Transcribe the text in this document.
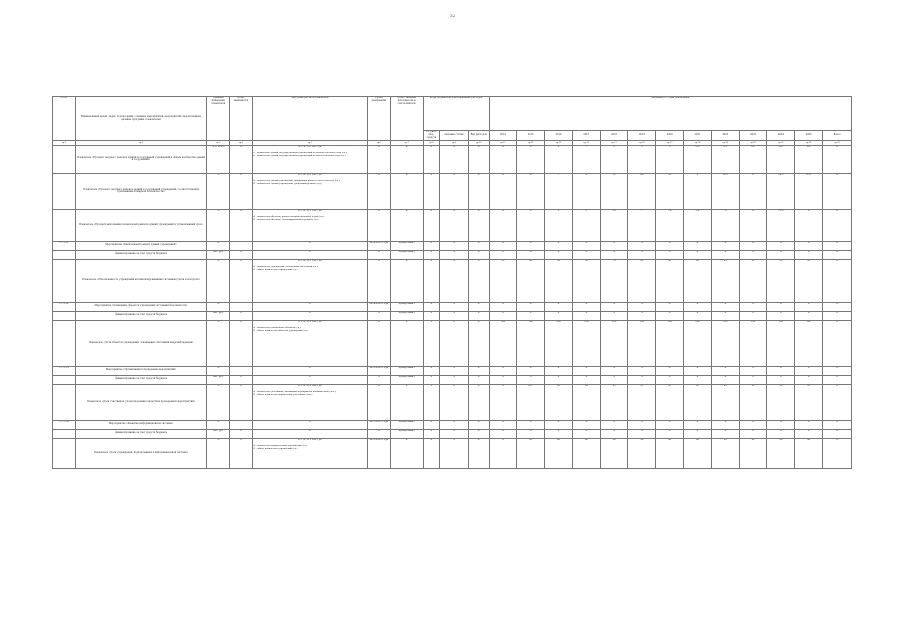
32
№ п/п	Наименования целей, задач, подпрограмм, основных мероприятий, мероприятий, ведомственных целевых программ, показателей	Единица измерения показателя	Коэф. значимости	Методика расчета показателя	Сроки реализации	Ответственный исполнитель и соисполнитель	Коды бюджетной классификации расходов			Значение по годам реализации												
							Гл. расп. бюд. средств	Целевая статья	Вид расходов	2014	2015	2016	2017	2018	2019	2020	2021	2022	2023	2024	2025	Всего
гр.1	гр.2	гр.3	гр.4	гр.5	гр.6	гр.7	гр.8	гр.9	гр.10	гр.11	гр.12	гр.13	гр.14	гр.15	гр.16	гр.17	гр.18	гр.19	гр.20	гр.21	гр.22	гр.23
	Показатель «Процент текущего ремонта зданий и сооружений учреждений в общем количестве зданий и сооружений»	% от всего	X	K = a / b x 100, где
a – количество зданий государственных учреждений на начало отчетного года (ед.);
b – количество зданий государственных учреждений на конец отчетного года (ед.)	X	X	X	X	X	X	X	6	7	2	5	5	6,6	6,1	6,2	6,6	6,6	X
	Показатель «Процент текущего ремонта зданий и сооружений учреждений, соответствующих требованиям пожарной безопасности»	%	X	K = A / B x 100, где
A – количество зданий учреждений, прошедших ремонт в отчетном году (ед.);
B – количество зданий учреждений, требующих ремонта (ед.)	X	X	X	X	X	X	X	7	9	18	46	18	6	12,5	X	14,3	18,5	X
	Показатель «Процент выполнения показателей ремонта зданий учреждений в установленный срок»	%	X	K = A / B x 100, где
A – количество объектов, ремонт которых выполнен в срок (ед.);
B – количество объектов, запланированных к ремонту (ед.)	X	X	X	X	X	X	X	5	3	5,5	7	7,4	5,9	7,5	X	11,9	6	X
1.1.1.11	Мероприятие «Капитальный ремонт зданий учреждений»	X		X	2014-2025 годы	Департамент	X	X	X	X	X	X	X	X	X	X	X	X	X	X	X	X
	финансирование за счет средств бюджета	тыс. руб.	X	X	X	Департамент	X	X	X	0	X	X	X	X	X	X	X	X	X	X	X	X
	Показатель «Обеспеченность учреждений автоматизированными системами учета и контроля»	%	X	K = A / B x 100, где
A – количество учреждений, оснащенных системами (ед.);
B – общее количество учреждений (ед.)	X	X	X	X	X	25	40	50	60	70	80	90	90	95	95	95	95	X
1.1.1.12	Мероприятие «Оснащение объектов учреждений системами безопасности»	X		X	2014-2025 годы	Департамент	X	X	X	X	X	X	X	X	X	X	X	X	X	X	X	X
	финансирование за счет средств бюджета	тыс. руб.	X	X	X	Департамент	X	X	X	0	X	X	X	X	X	X	X	X	X	X	X	X
	Показатель «Доля объектов учреждений, оснащенных системами видеонаблюдения»	%	X	K = A / B x 100, где
A – количество оснащенных объектов (ед.);
B – общее количество объектов учреждений (ед.)	X	X	X	X	X	100	100	100	100	100	100	100	100	100	100	100	100	X
1.1.1.13	Мероприятие «Организация и проведение мероприятий»	X		X	2015-2025 годы	Департамент	X	X	X	X	X	X	X	X	X	X	X	X	X	X	X	X
	финансирование за счет средств бюджета	тыс. руб.	X	X	X	Департамент	X	X	X	X	0	X	X	X	X	X	X	X	X	X	X	X
	Показатель «Доля участников, удовлетворенных качеством проведенных мероприятий»	%	X	K = A / B x 100, где
A – количество участников, оценивших мероприятия положительно (чел.);
B – общее количество опрошенных участников (чел.)	X	X	X	X	X	X	82,7	90	94	95	95	95	95	95	95	95	95	X
1.1.1.14	Мероприятие «Развитие информационной системы»	X		X	2015-2025 годы	Департамент	X	X	X	X	X	X	X	X	X	X	X	X	X	X	X	X
	финансирование за счет средств бюджета	тыс. руб.	X	X	X	Департамент	X	X	X	X	0	X	X	X	X	X	X	X	X	X	X	X
	Показатель «Доля учреждений, подключенных к информационной системе»	%	X	K = A / B x 100, где
A – количество подключенных учреждений (ед.);
B – общее количество учреждений (ед.)	2015-2025 годы	X	X	X	X	X	85	90	90	90	90	90	90	90	90	90	90	X
